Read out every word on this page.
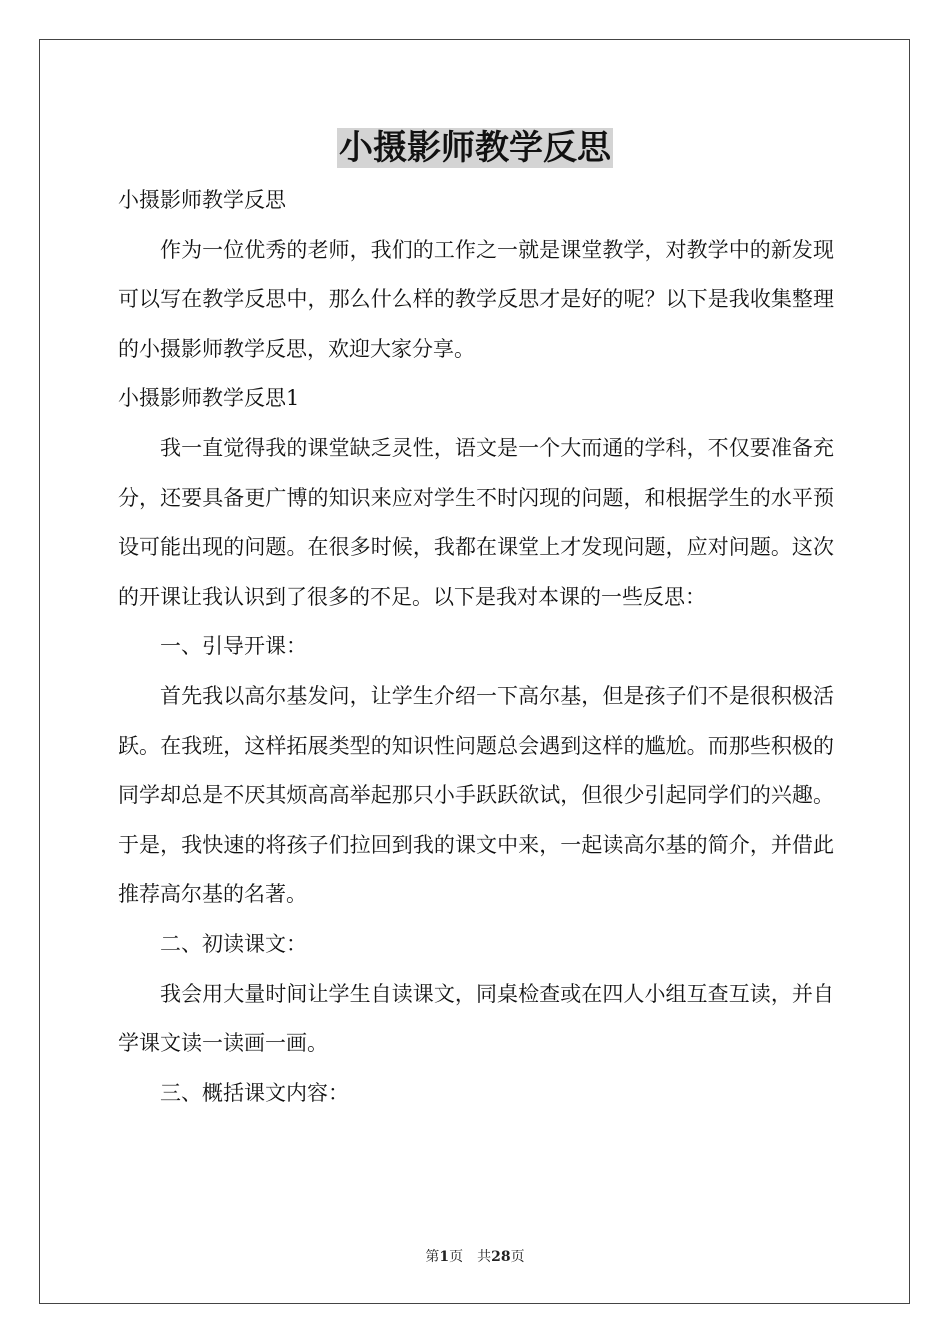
小摄影师教学反思

小摄影师教学反思

作为一位优秀的老师，我们的工作之一就是课堂教学，对教学中的新发现可以写在教学反思中，那么什么样的教学反思才是好的呢？以下是我收集整理的小摄影师教学反思，欢迎大家分享。

小摄影师教学反思1

我一直觉得我的课堂缺乏灵性，语文是一个大而通的学科，不仅要准备充分，还要具备更广博的知识来应对学生不时闪现的问题，和根据学生的水平预设可能出现的问题。在很多时候，我都在课堂上才发现问题，应对问题。这次的开课让我认识到了很多的不足。以下是我对本课的一些反思：

一、引导开课：

首先我以高尔基发问，让学生介绍一下高尔基，但是孩子们不是很积极活跃。在我班，这样拓展类型的知识性问题总会遇到这样的尴尬。而那些积极的同学却总是不厌其烦高高举起那只小手跃跃欲试，但很少引起同学们的兴趣。于是，我快速的将孩子们拉回到我的课文中来，一起读高尔基的简介，并借此推荐高尔基的名著。

二、初读课文：

我会用大量时间让学生自读课文，同桌检查或在四人小组互查互读，并自学课文读一读画一画。

三、概括课文内容：

第1页　共28页
